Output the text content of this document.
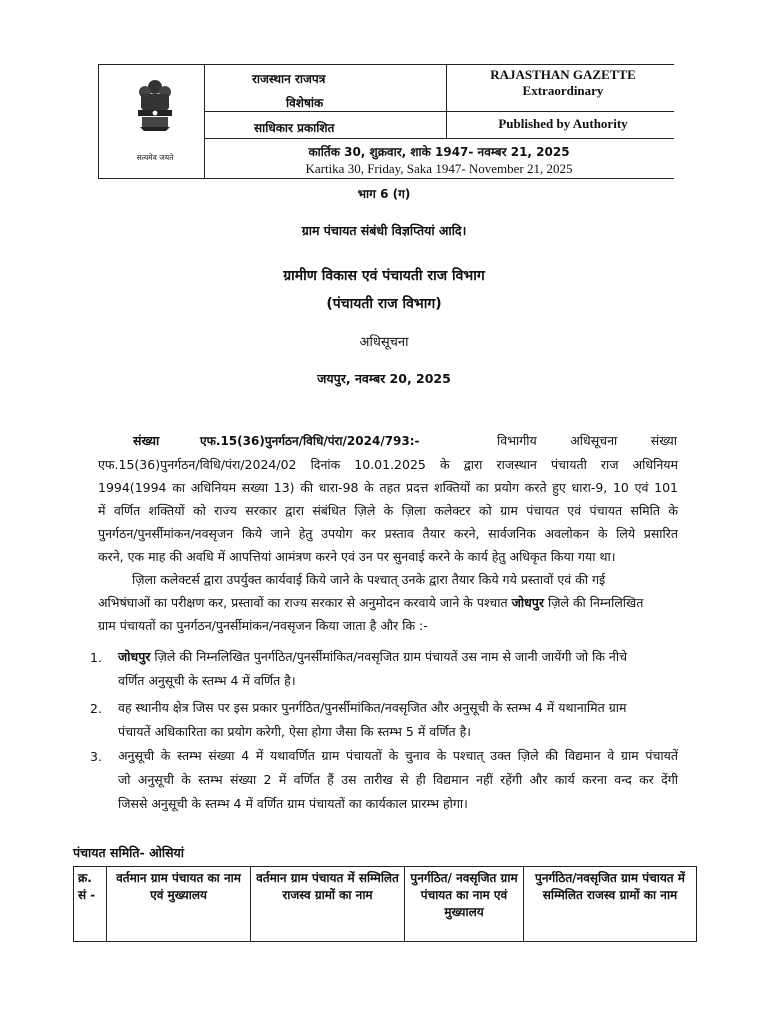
सत्यमेव जयते
राजस्थान राजपत्र
विशेषांक
RAJASTHAN GAZETTE
Extraordinary
साधिकार प्रकाशित	Published by Authority
कार्तिक 30, शुक्रवार, शाके 1947- नवम्बर 21, 2025
Kartika 30, Friday, Saka 1947- November 21, 2025
भाग 6 (ग)
ग्राम पंचायत संबंधी विज्ञप्तियां आदि।
ग्रामीण विकास एवं पंचायती राज विभाग
(पंचायती राज विभाग)
अधिसूचना
जयपुर, नवम्बर 20, 2025
संख्या	एफ.15(36)पुनर्गठन/विधि/पंरा/2024/793:-	विभागीय अधिसूचना संख्या
एफ.15(36)पुनर्गठन/विधि/पंरा/2024/02 दिनांक 10.01.2025 के द्वारा राजस्थान पंचायती राज अधिनियम
1994(1994 का अधिनियम सख्या 13) की धारा-98 के तहत प्रदत्त शक्तियों का प्रयोग करते हुए धारा-9, 10 एवं 101
में वर्णित शक्तियों को राज्य सरकार द्वारा संबंधित ज़िले के ज़िला कलेक्टर को ग्राम पंचायत एवं पंचायत समिति के
पुनर्गठन/पुनर्सीमांकन/नवसृजन किये जाने हेतु उपयोग कर प्रस्ताव तैयार करने, सार्वजनिक अवलोकन के लिये प्रसारित
करने, एक माह की अवधि में आपत्तियां आमंत्रण करने एवं उन पर सुनवाई करने के कार्य हेतु अधिकृत किया गया था।
ज़िला कलेक्टर्स द्वारा उपर्युक्त कार्यवाई किये जाने के पश्चात् उनके द्वारा तैयार किये गये प्रस्तावों एवं की गई
अभिषंघाओं का परीक्षण कर, प्रस्तावों का राज्य सरकार से अनुमोदन करवाये जाने के पश्चात जोधपुर ज़िले की निम्नलिखित
ग्राम पंचायतों का पुनर्गठन/पुनर्सीमांकन/नवसृजन किया जाता है और कि :-
1. जोधपुर ज़िले की निम्नलिखित पुनर्गठित/पुनर्सीमांकित/नवसृजित ग्राम पंचायतें उस नाम से जानी जायेंगी जो कि नीचे
वर्णित अनुसूची के स्तम्भ 4 में वर्णित है।
2. वह स्थानीय क्षेत्र जिस पर इस प्रकार पुनर्गठित/पुनर्सीमांकित/नवसृजित और अनुसूची के स्तम्भ 4 में यथानामित ग्राम
पंचायतें अधिकारिता का प्रयोग करेगी, ऐसा होगा जैसा कि स्तम्भ 5 में वर्णित है।
3. अनुसूची के स्तम्भ संख्या 4 में यथावर्णित ग्राम पंचायतों के चुनाव के पश्चात् उक्त ज़िले की विद्यमान वे ग्राम पंचायतें
जो अनुसूची के स्तम्भ संख्या 2 में वर्णित हैं उस तारीख से ही विद्यमान नहीं रहेंगी और कार्य करना वन्द कर देंगी
जिससे अनुसूची के स्तम्भ 4 में वर्णित ग्राम पंचायतों का कार्यकाल प्रारम्भ होगा।
पंचायत समिति- ओसियां
क्र. सं -	वर्तमान ग्राम पंचायत का नाम एवं मुख्यालय	वर्तमान ग्राम पंचायत में सम्मिलित राजस्व ग्रामों का नाम	पुनर्गठित/ नवसृजित ग्राम पंचायत का नाम एवं मुख्यालय	पुनर्गठित/नवसृजित ग्राम पंचायत में सम्मिलित राजस्व ग्रामों का नाम
